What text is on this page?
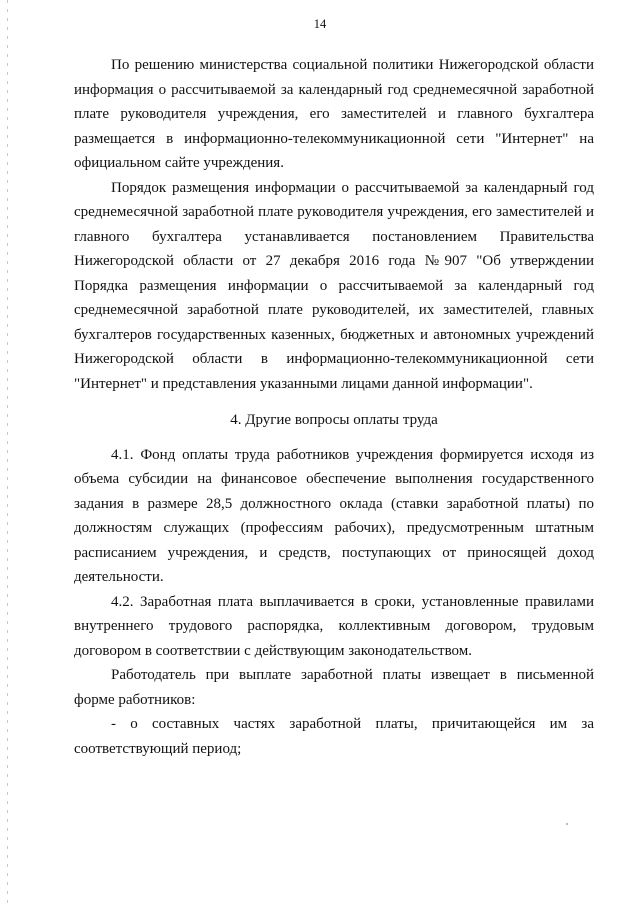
14

По решению министерства социальной политики Нижегородской области информация о рассчитываемой за календарный год среднемесячной заработной плате руководителя учреждения, его заместителей и главного бухгалтера размещается в информационно-телекоммуникационной сети "Интернет" на официальном сайте учреждения.

Порядок размещения информации о рассчитываемой за календарный год среднемесячной заработной плате руководителя учреждения, его заместителей и главного бухгалтера устанавливается постановлением Правительства Нижегородской области от 27 декабря 2016 года №907 "Об утверждении Порядка размещения информации о рассчитываемой за календарный год среднемесячной заработной плате руководителей, их заместителей, главных бухгалтеров государственных казенных, бюджетных и автономных учреждений Нижегородской области в информационно-телекоммуникационной сети "Интернет" и представления указанными лицами данной информации".

4. Другие вопросы оплаты труда

4.1. Фонд оплаты труда работников учреждения формируется исходя из объема субсидии на финансовое обеспечение выполнения государственного задания в размере 28,5 должностного оклада (ставки заработной платы) по должностям служащих (профессиям рабочих), предусмотренным штатным расписанием учреждения, и средств, поступающих от приносящей доход деятельности.

4.2. Заработная плата выплачивается в сроки, установленные правилами внутреннего трудового распорядка, коллективным договором, трудовым договором в соответствии с действующим законодательством.

Работодатель при выплате заработной платы извещает в письменной форме работников:

- о составных частях заработной платы, причитающейся им за соответствующий период;
